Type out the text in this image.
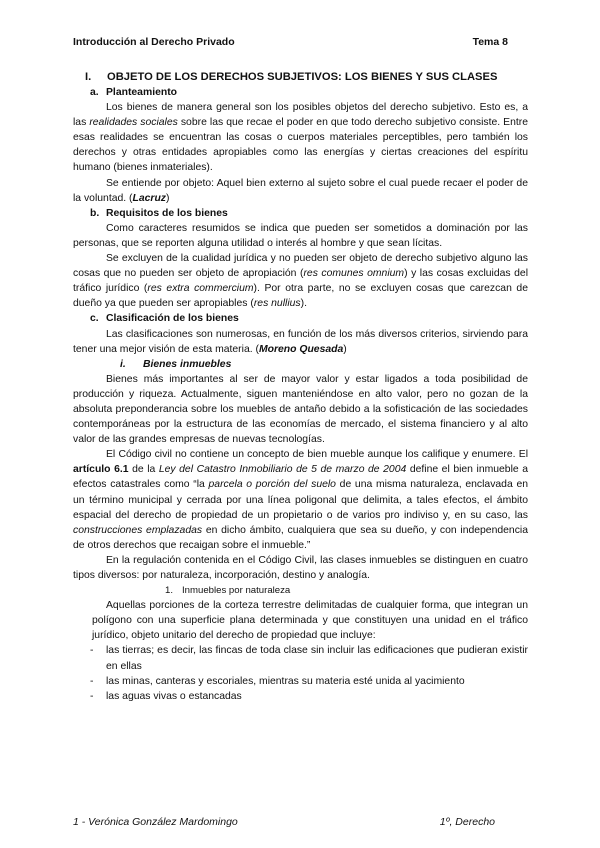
Introducción al Derecho Privado	Tema 8
I. OBJETO DE LOS DERECHOS SUBJETIVOS: LOS BIENES Y SUS CLASES
a. Planteamiento

Los bienes de manera general son los posibles objetos del derecho subjetivo. Esto es, a las realidades sociales sobre las que recae el poder en que todo derecho subjetivo consiste. Entre esas realidades se encuentran las cosas o cuerpos materiales perceptibles, pero también los derechos y otras entidades apropiables como las energías y ciertas creaciones del espíritu humano (bienes inmateriales).

Se entiende por objeto: Aquel bien externo al sujeto sobre el cual puede recaer el poder de la voluntad. (Lacruz)

b. Requisitos de los bienes

Como caracteres resumidos se indica que pueden ser sometidos a dominación por las personas, que se reporten alguna utilidad o interés al hombre y que sean lícitas.

Se excluyen de la cualidad jurídica y no pueden ser objeto de derecho subjetivo alguno las cosas que no pueden ser objeto de apropiación (res comunes omnium) y las cosas excluidas del tráfico jurídico (res extra commercium). Por otra parte, no se excluyen cosas que carezcan de dueño ya que pueden ser apropiables (res nullius).

c. Clasificación de los bienes

Las clasificaciones son numerosas, en función de los más diversos criterios, sirviendo para tener una mejor visión de esta materia. (Moreno Quesada)

i. Bienes inmuebles

Bienes más importantes al ser de mayor valor y estar ligados a toda posibilidad de producción y riqueza. Actualmente, siguen manteniéndose en alto valor, pero no gozan de la absoluta preponderancia sobre los muebles de antaño debido a la sofisticación de las sociedades contemporáneas por la estructura de las economías de mercado, el sistema financiero y al alto valor de las grandes empresas de nuevas tecnologías.

El Código civil no contiene un concepto de bien mueble aunque los califique y enumere. El artículo 6.1 de la Ley del Catastro Inmobiliario de 5 de marzo de 2004 define el bien inmueble a efectos catastrales como “la parcela o porción del suelo de una misma naturaleza, enclavada en un término municipal y cerrada por una línea poligonal que delimita, a tales efectos, el ámbito espacial del derecho de propiedad de un propietario o de varios pro indiviso y, en su caso, las construcciones emplazadas en dicho ámbito, cualquiera que sea su dueño, y con independencia de otros derechos que recaigan sobre el inmueble.”

En la regulación contenida en el Código Civil, las clases inmuebles se distinguen en cuatro tipos diversos: por naturaleza, incorporación, destino y analogía.

1. Inmuebles por naturaleza

Aquellas porciones de la corteza terrestre delimitadas de cualquier forma, que integran un polígono con una superficie plana determinada y que constituyen una unidad en el tráfico jurídico, objeto unitario del derecho de propiedad que incluye:

- las tierras; es decir, las fincas de toda clase sin incluir las edificaciones que pudieran existir en ellas
- las minas, canteras y escoriales, mientras su materia esté unida al yacimiento
- las aguas vivas o estancadas
1 - Verónica González Mardomingo	1º, Derecho
